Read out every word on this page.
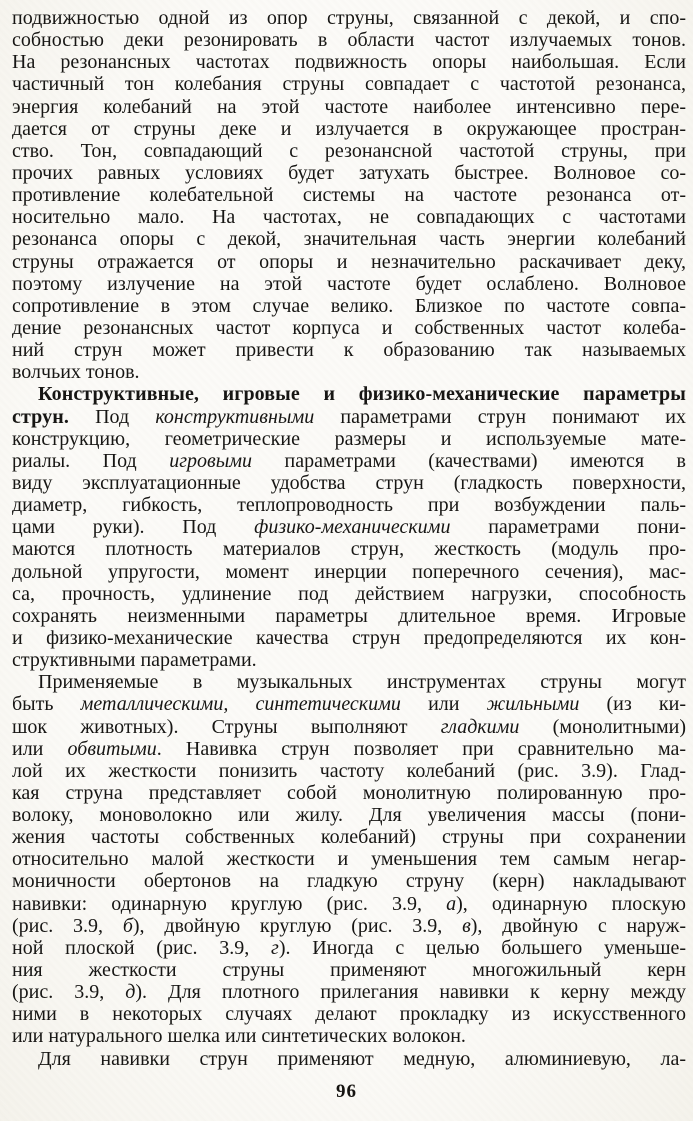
подвижностью одной из опор струны, связанной с декой, и спо-
собностью деки резонировать в области частот излучаемых тонов.
На резонансных частотах подвижность опоры наибольшая. Если
частичный тон колебания струны совпадает с частотой резонанса,
энергия колебаний на этой частоте наиболее интенсивно пере-
дается от струны деке и излучается в окружающее простран-
ство. Тон, совпадающий с резонансной частотой струны, при
прочих равных условиях будет затухать быстрее. Волновое со-
противление колебательной системы на частоте резонанса от-
носительно мало. На частотах, не совпадающих с частотами
резонанса опоры с декой, значительная часть энергии колебаний
струны отражается от опоры и незначительно раскачивает деку,
поэтому излучение на этой частоте будет ослаблено. Волновое
сопротивление в этом случае велико. Близкое по частоте совпа-
дение резонансных частот корпуса и собственных частот колеба-
ний струн может привести к образованию так называемых
волчьих тонов.
Конструктивные, игровые и физико-механические параметры
струн. Под конструктивными параметрами струн понимают их
конструкцию, геометрические размеры и используемые мате-
риалы. Под игровыми параметрами (качествами) имеются в
виду эксплуатационные удобства струн (гладкость поверхности,
диаметр, гибкость, теплопроводность при возбуждении паль-
цами руки). Под физико-механическими параметрами пони-
маются плотность материалов струн, жесткость (модуль про-
дольной упругости, момент инерции поперечного сечения), мас-
са, прочность, удлинение под действием нагрузки, способность
сохранять неизменными параметры длительное время. Игровые
и физико-механические качества струн предопределяются их кон-
структивными параметрами.
Применяемые в музыкальных инструментах струны могут
быть металлическими, синтетическими или жильными (из ки-
шок животных). Струны выполняют гладкими (монолитными)
или обвитыми. Навивка струн позволяет при сравнительно ма-
лой их жесткости понизить частоту колебаний (рис. 3.9). Глад-
кая струна представляет собой монолитную полированную про-
волоку, моноволокно или жилу. Для увеличения массы (пони-
жения частоты собственных колебаний) струны при сохранении
относительно малой жесткости и уменьшения тем самым негар-
моничности обертонов на гладкую струну (керн) накладывают
навивки: одинарную круглую (рис. 3.9, а), одинарную плоскую
(рис. 3.9, б), двойную круглую (рис. 3.9, в), двойную с наруж-
ной плоской (рис. 3.9, г). Иногда с целью большего уменьше-
ния жесткости струны применяют многожильный керн
(рис. 3.9, д). Для плотного прилегания навивки к керну между
ними в некоторых случаях делают прокладку из искусственного
или натурального шелка или синтетических волокон.
Для навивки струн применяют медную, алюминиевую, ла-
96
